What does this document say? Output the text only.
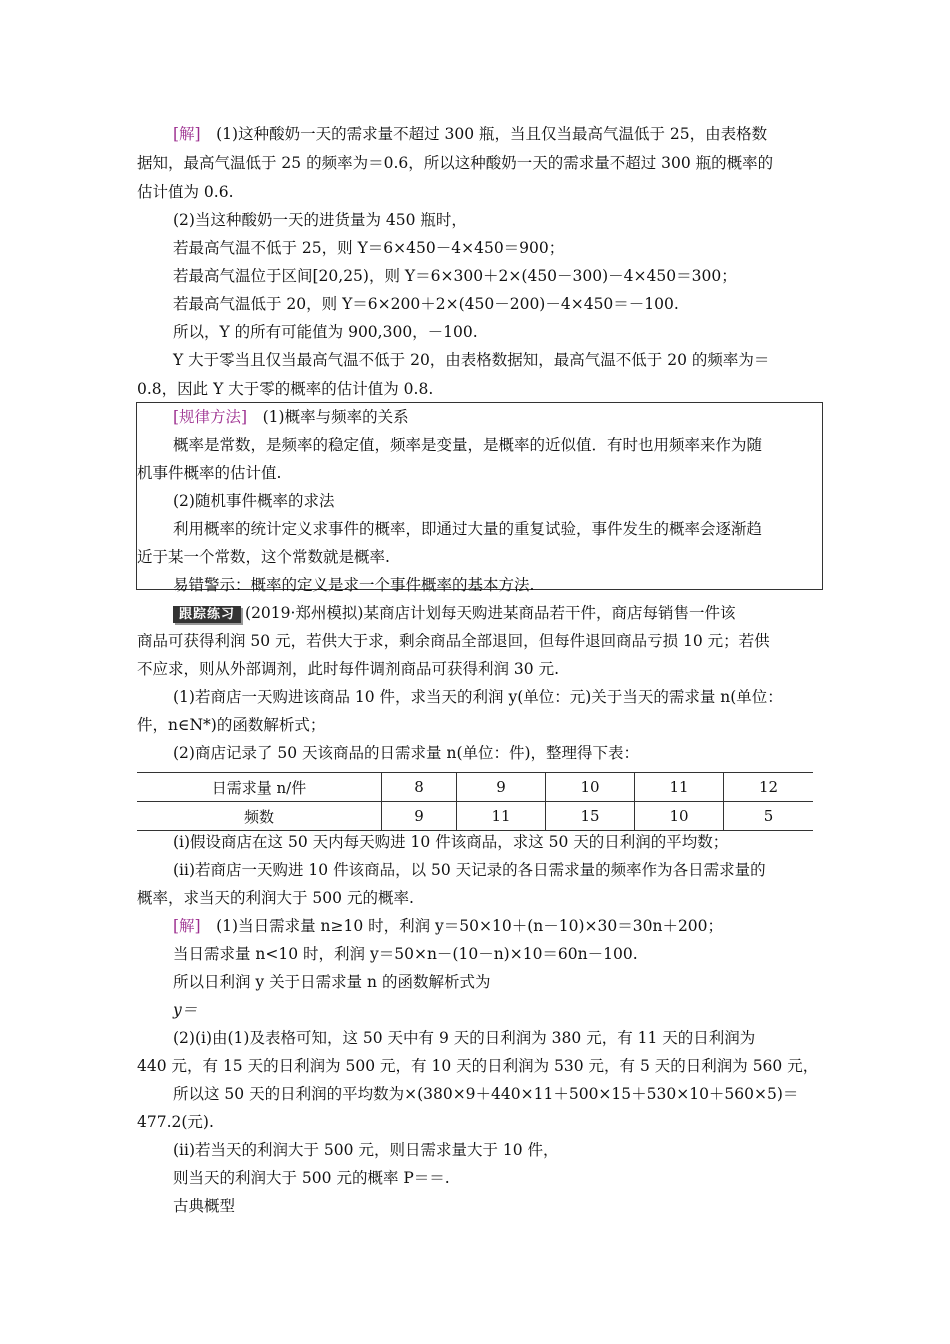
[解]　(1)这种酸奶一天的需求量不超过 300 瓶，当且仅当最高气温低于 25，由表格数
据知，最高气温低于 25 的频率为＝0.6，所以这种酸奶一天的需求量不超过 300 瓶的概率的
估计值为 0.6.
(2)当这种酸奶一天的进货量为 450 瓶时，
若最高气温不低于 25，则 Y＝6×450－4×450＝900；
若最高气温位于区间[20,25)，则 Y＝6×300＋2×(450－300)－4×450＝300；
若最高气温低于 20，则 Y＝6×200＋2×(450－200)－4×450＝－100.
所以，Y 的所有可能值为 900,300，－100.
Y 大于零当且仅当最高气温不低于 20，由表格数据知，最高气温不低于 20 的频率为＝
0.8，因此 Y 大于零的概率的估计值为 0.8.
[规律方法]　(1)概率与频率的关系
概率是常数，是频率的稳定值，频率是变量，是概率的近似值．有时也用频率来作为随
机事件概率的估计值.
(2)随机事件概率的求法
利用概率的统计定义求事件的概率，即通过大量的重复试验，事件发生的概率会逐渐趋
近于某一个常数，这个常数就是概率.
易错警示：概率的定义是求一个事件概率的基本方法.
跟踪练习 (2019·郑州模拟)某商店计划每天购进某商品若干件，商店每销售一件该
商品可获得利润 50 元，若供大于求，剩余商品全部退回，但每件退回商品亏损 10 元；若供
不应求，则从外部调剂，此时每件调剂商品可获得利润 30 元.
(1)若商店一天购进该商品 10 件，求当天的利润 y(单位：元)关于当天的需求量 n(单位：
件，n∈N*)的函数解析式；
(2)商店记录了 50 天该商品的日需求量 n(单位：件)，整理得下表：
日需求量 n/件	8	9	10	11	12
频数	9	11	15	10	5
(ⅰ)假设商店在这 50 天内每天购进 10 件该商品，求这 50 天的日利润的平均数；
(ⅱ)若商店一天购进 10 件该商品，以 50 天记录的各日需求量的频率作为各日需求量的
概率，求当天的利润大于 500 元的概率.
[解]　(1)当日需求量 n≥10 时，利润 y＝50×10＋(n－10)×30＝30n＋200；
当日需求量 n<10 时，利润 y＝50×n－(10－n)×10＝60n－100.
所以日利润 y 关于日需求量 n 的函数解析式为
y＝
(2)(ⅰ)由(1)及表格可知，这 50 天中有 9 天的日利润为 380 元，有 11 天的日利润为
440 元，有 15 天的日利润为 500 元，有 10 天的日利润为 530 元，有 5 天的日利润为 560 元，
所以这 50 天的日利润的平均数为×(380×9＋440×11＋500×15＋530×10＋560×5)＝
477.2(元).
(ⅱ)若当天的利润大于 500 元，则日需求量大于 10 件，
则当天的利润大于 500 元的概率 P＝＝.
古典概型
